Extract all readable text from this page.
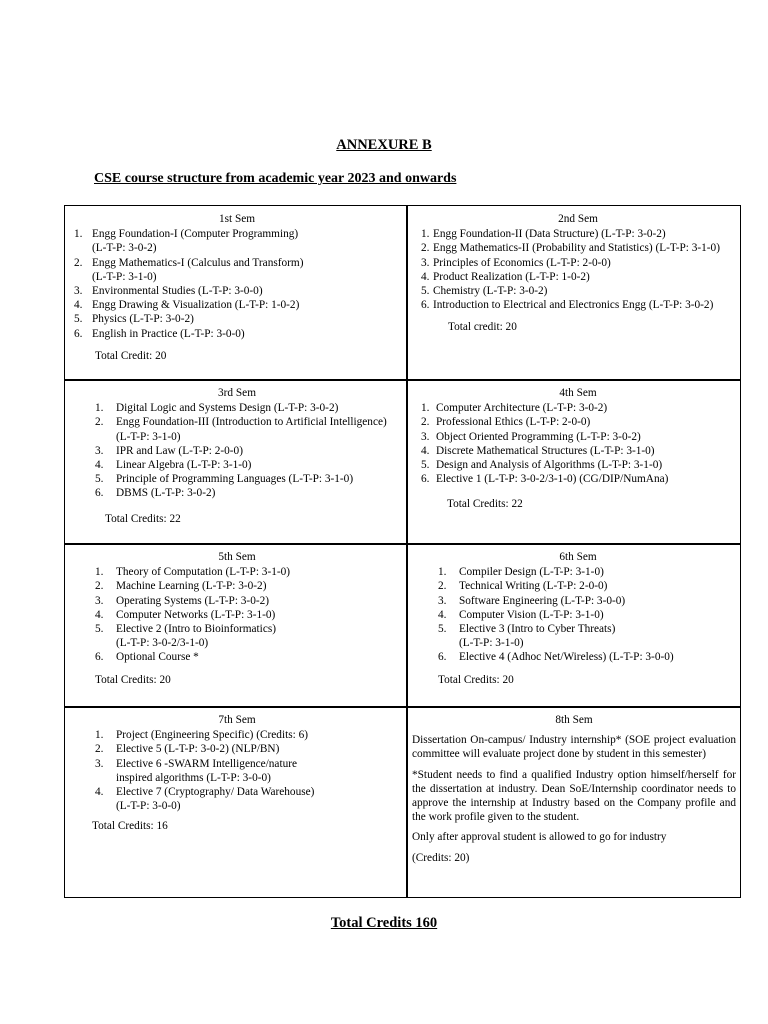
ANNEXURE B
CSE course structure from academic year 2023 and onwards
1st Sem
1. Engg Foundation-I (Computer Programming)
(L-T-P: 3-0-2)
2. Engg Mathematics-I (Calculus and Transform)
(L-T-P: 3-1-0)
3. Environmental Studies (L-T-P: 3-0-0)
4. Engg Drawing & Visualization (L-T-P: 1-0-2)
5. Physics (L-T-P: 3-0-2)
6. English in Practice (L-T-P: 3-0-0)
Total Credit: 20
2nd Sem
1. Engg Foundation-II (Data Structure) (L-T-P: 3-0-2)
2. Engg Mathematics-II (Probability and Statistics) (L-T-P: 3-1-0)
3. Principles of Economics (L-T-P: 2-0-0)
4. Product Realization (L-T-P: 1-0-2)
5. Chemistry (L-T-P: 3-0-2)
6. Introduction to Electrical and Electronics Engg (L-T-P: 3-0-2)
Total credit: 20
3rd Sem
1.	Digital Logic and Systems Design (L-T-P: 3-0-2)
2.	Engg Foundation-III (Introduction to Artificial Intelligence) (L-T-P: 3-1-0)
3.	IPR and Law (L-T-P: 2-0-0)
4.	Linear Algebra (L-T-P: 3-1-0)
5.	Principle of Programming Languages (L-T-P: 3-1-0)
6.	DBMS (L-T-P: 3-0-2)
Total Credits: 22
4th Sem
1. Computer Architecture (L-T-P: 3-0-2)
2. Professional Ethics (L-T-P: 2-0-0)
3. Object Oriented Programming (L-T-P: 3-0-2)
4. Discrete Mathematical Structures (L-T-P: 3-1-0)
5. Design and Analysis of Algorithms (L-T-P: 3-1-0)
6. Elective 1 (L-T-P: 3-0-2/3-1-0) (CG/DIP/NumAna)
Total Credits: 22
5th Sem
1.	Theory of Computation (L-T-P: 3-1-0)
2.	Machine Learning (L-T-P: 3-0-2)
3.	Operating Systems (L-T-P: 3-0-2)
4.	Computer Networks (L-T-P: 3-1-0)
5.	Elective 2 (Intro to Bioinformatics)
(L-T-P: 3-0-2/3-1-0)
6.	Optional Course *
Total Credits: 20
6th Sem
1.	Compiler Design (L-T-P: 3-1-0)
2.	Technical Writing (L-T-P: 2-0-0)
3.	Software Engineering (L-T-P: 3-0-0)
4.	Computer Vision (L-T-P: 3-1-0)
5.	Elective 3 (Intro to Cyber Threats)
(L-T-P: 3-1-0)
6.	Elective 4 (Adhoc Net/Wireless) (L-T-P: 3-0-0)
Total Credits: 20
7th Sem
1.	Project (Engineering Specific) (Credits: 6)
2.	Elective 5 (L-T-P: 3-0-2) (NLP/BN)
3.	Elective 6 -SWARM Intelligence/nature inspired algorithms (L-T-P: 3-0-0)
4.	Elective 7 (Cryptography/ Data Warehouse)
(L-T-P: 3-0-0)
Total Credits: 16
8th Sem
Dissertation On-campus/ Industry internship* (SOE project evaluation committee will evaluate project done by student in this semester)
*Student needs to find a qualified Industry option himself/herself for the dissertation at industry. Dean SoE/Internship coordinator needs to approve the internship at Industry based on the Company profile and the work profile given to the student.
Only after approval student is allowed to go for industry
(Credits: 20)
Total Credits 160
